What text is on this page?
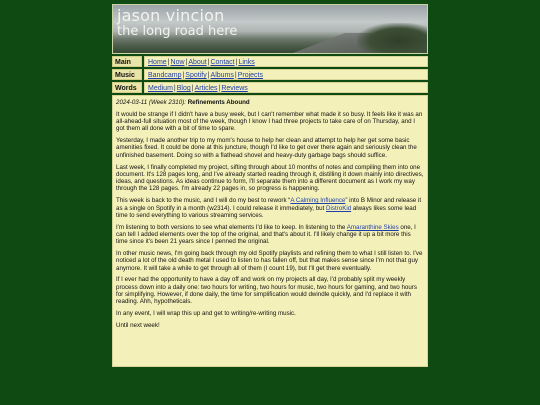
jason vincion
the long road here
Main	Home|Now|About|Contact|Links
Music	Bandcamp|Spotify|Albums|Projects
Words	Medium|Blog|Articles|Reviews

2024-03-11 (Week 2310): Refinements Abound

It would be strange if I didn't have a busy week, but I can't remember what made it so busy. It feels like it was an all-ahead-full situation most of the week, though I know I had three projects to take care of on Thursday, and I got them all done with a bit of time to spare.

Yesterday, I made another trip to my mom's house to help her clean and attempt to help her get some basic amenities fixed. It could be done at this juncture, though I'd like to get over there again and seriously clean the unfinished basement. Doing so with a flathead shovel and heavy-duty garbage bags should suffice.

Last week, I finally completed my project, sifting through about 10 months of notes and compiling them into one document. It's 128 pages long, and I've already started reading through it, distilling it down mainly into directives, ideas, and questions. As ideas continue to form, I'll separate them into a different document as I work my way through the 128 pages. I'm already 22 pages in, so progress is happening.

This week is back to the music, and I will do my best to rework “A Calming Influence” into B Minor and release it as a single on Spotify in a month (w2314). I could release it immediately, but DistroKid always likes some lead time to send everything to various streaming services.

I'm listening to both versions to see what elements I'd like to keep. In listening to the Amaranthine Skies one, I can tell I added elements over the top of the original, and that's about it. I'll likely change it up a bit more this time since it's been 21 years since I penned the original.

In other music news, I'm going back through my old Spotify playlists and refining them to what I still listen to. I've noticed a lot of the old death metal I used to listen to has fallen off, but that makes sense since I'm not that guy anymore. It will take a while to get through all of them (I count 19), but I'll get there eventually.

If I ever had the opportunity to have a day off and work on my projects all day, I'd probably split my weekly process down into a daily one: two hours for writing, two hours for music, two hours for gaming, and two hours for simplifying. However, if done daily, the time for simplification would dwindle quickly, and I'd replace it with reading. Ahh, hypotheticals.

In any event, I will wrap this up and get to writing/re-writing music.

Until next week!
